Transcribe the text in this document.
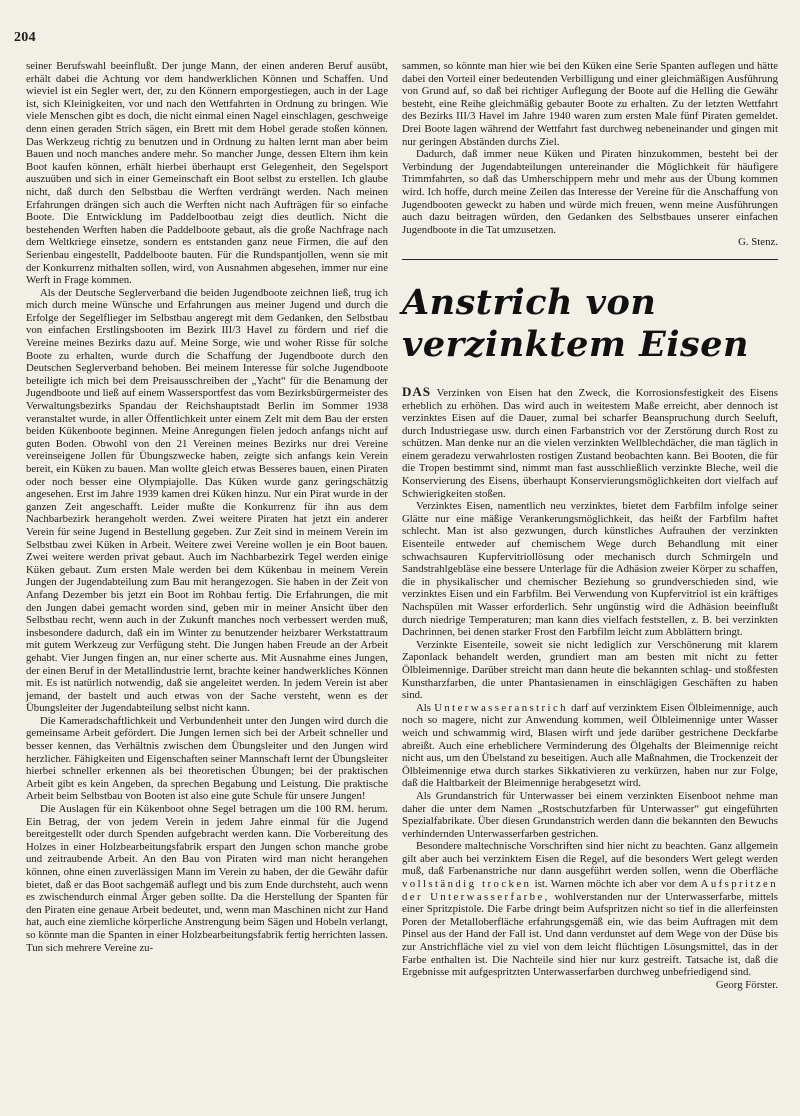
204

seiner Berufswahl beeinflußt. Der junge Mann, der einen anderen Beruf ausübt, erhält dabei die Achtung vor dem handwerklichen Können und Schaffen. Und wieviel ist ein Segler wert, der, zu den Könnern emporgestiegen, auch in der Lage ist, sich Kleinigkeiten, vor und nach den Wettfahrten in Ordnung zu bringen. Wie viele Menschen gibt es doch, die nicht einmal einen Nagel einschlagen, geschweige denn einen geraden Strich sägen, ein Brett mit dem Hobel gerade stoßen können. Das Werkzeug richtig zu benutzen und in Ordnung zu halten lernt man aber beim Bauen und noch manches andere mehr. So mancher Junge, dessen Eltern ihm kein Boot kaufen können, erhält hierbei überhaupt erst Gelegenheit, den Segelsport auszuüben und sich in einer Gemeinschaft ein Boot selbst zu erstellen. Ich glaube nicht, daß durch den Selbstbau die Werften verdrängt werden. Nach meinen Erfahrungen drängen sich auch die Werften nicht nach Aufträgen für so einfache Boote. Die Entwicklung im Paddelbootbau zeigt dies deutlich. Nicht die bestehenden Werften haben die Paddelboote gebaut, als die große Nachfrage nach dem Weltkriege einsetze, sondern es entstanden ganz neue Firmen, die auf den Serienbau eingestellt, Paddelboote bauten. Für die Rundspantjollen, wenn sie mit der Konkurrenz mithalten sollen, wird, von Ausnahmen abgesehen, immer nur eine Werft in Frage kommen.

Als der Deutsche Seglerverband die beiden Jugendboote zeichnen ließ, trug ich mich durch meine Wünsche und Erfahrungen aus meiner Jugend und durch die Erfolge der Segelflieger im Selbstbau angeregt mit dem Gedanken, den Selbstbau von einfachen Erstlingsbooten im Bezirk III/3 Havel zu fördern und rief die Vereine meines Bezirks dazu auf. Meine Sorge, wie und woher Risse für solche Boote zu erhalten, wurde durch die Schaffung der Jugendboote durch den Deutschen Seglerverband behoben. Bei meinem Interesse für solche Jugendboote beteiligte ich mich bei dem Preisausschreiben der „Yacht“ für die Benamung der Jugendboote und ließ auf einem Wassersportfest das vom Bezirksbürgermeister des Verwaltungsbezirks Spandau der Reichshauptstadt Berlin im Sommer 1938 veranstaltet wurde, in aller Öffentlichkeit unter einem Zelt mit dem Bau der ersten beiden Kükenboote beginnen. Meine Anregungen fielen jedoch anfangs nicht auf guten Boden. Obwohl von den 21 Vereinen meines Bezirks nur drei Vereine vereinseigene Jollen für Übungszwecke haben, zeigte sich anfangs kein Verein bereit, ein Küken zu bauen. Man wollte gleich etwas Besseres bauen, einen Piraten oder noch besser eine Olympiajolle. Das Küken wurde ganz geringschätzig angesehen. Erst im Jahre 1939 kamen drei Küken hinzu. Nur ein Pirat wurde in der ganzen Zeit angeschafft. Leider mußte die Konkurrenz für ihn aus dem Nachbarbezirk herangeholt werden. Zwei weitere Piraten hat jetzt ein anderer Verein für seine Jugend in Bestellung gegeben. Zur Zeit sind in meinem Verein im Selbstbau zwei Küken in Arbeit. Weitere zwei Vereine wollen je ein Boot bauen. Zwei weitere werden privat gebaut. Auch im Nachbarbezirk Tegel werden einige Küken gebaut. Zum ersten Male werden bei dem Kükenbau in meinem Verein Jungen der Jugendabteilung zum Bau mit herangezogen. Sie haben in der Zeit von Anfang Dezember bis jetzt ein Boot im Rohbau fertig. Die Erfahrungen, die mit den Jungen dabei gemacht worden sind, geben mir in meiner Ansicht über den Selbstbau recht, wenn auch in der Zukunft manches noch verbessert werden muß, insbesondere dadurch, daß ein im Winter zu benutzender heizbarer Werkstattraum mit gutem Werkzeug zur Verfügung steht. Die Jungen haben Freude an der Arbeit gehabt. Vier Jungen fingen an, nur einer scherte aus. Mit Ausnahme eines Jungen, der einen Beruf in der Metallindustrie lernt, brachte keiner handwerkliches Können mit. Es ist natürlich notwendig, daß sie angeleitet werden. In jedem Verein ist aber jemand, der bastelt und auch etwas von der Sache versteht, wenn es der Übungsleiter der Jugendabteilung selbst nicht kann.

Die Kameradschaftlichkeit und Verbundenheit unter den Jungen wird durch die gemeinsame Arbeit gefördert. Die Jungen lernen sich bei der Arbeit schneller und besser kennen, das Verhältnis zwischen dem Übungsleiter und den Jungen wird herzlicher. Fähigkeiten und Eigenschaften seiner Mannschaft lernt der Übungsleiter hierbei schneller erkennen als bei theoretischen Übungen; bei der praktischen Arbeit gibt es kein Angeben, da sprechen Begabung und Leistung. Die praktische Arbeit beim Selbstbau von Booten ist also eine gute Schule für unsere Jungen!

Die Auslagen für ein Kükenboot ohne Segel betragen um die 100 RM. herum. Ein Betrag, der von jedem Verein in jedem Jahre einmal für die Jugend bereitgestellt oder durch Spenden aufgebracht werden kann. Die Vorbereitung des Holzes in einer Holzbearbeitungsfabrik erspart den Jungen schon manche grobe und zeitraubende Arbeit. An den Bau von Piraten wird man nicht herangehen können, ohne einen zuverlässigen Mann im Verein zu haben, der die Gewähr dafür bietet, daß er das Boot sachgemäß auflegt und bis zum Ende durchsteht, auch wenn es zwischendurch einmal Ärger geben sollte. Da die Herstellung der Spanten für den Piraten eine genaue Arbeit bedeutet, und, wenn man Maschinen nicht zur Hand hat, auch eine ziemliche körperliche Anstrengung beim Sägen und Hobeln verlangt, so könnte man die Spanten in einer Holzbearbeitungsfabrik fertig herrichten lassen. Tun sich mehrere Vereine zu-

sammen, so könnte man hier wie bei den Küken eine Serie Spanten auflegen und hätte dabei den Vorteil einer bedeutenden Verbilligung und einer gleichmäßigen Ausführung von Grund auf, so daß bei richtiger Auflegung der Boote auf die Helling die Gewähr besteht, eine Reihe gleichmäßig gebauter Boote zu erhalten. Zu der letzten Wettfahrt des Bezirks III/3 Havel im Jahre 1940 waren zum ersten Male fünf Piraten gemeldet. Drei Boote lagen während der Wettfahrt fast durchweg nebeneinander und gingen mit nur geringen Abständen durchs Ziel.

Dadurch, daß immer neue Küken und Piraten hinzukommen, besteht bei der Verbindung der Jugendabteilungen untereinander die Möglichkeit für häufigere Trimmfahrten, so daß das Umherschippern mehr und mehr aus der Übung kommen wird. Ich hoffe, durch meine Zeilen das Interesse der Vereine für die Anschaffung von Jugendbooten geweckt zu haben und würde mich freuen, wenn meine Ausführungen auch dazu beitragen würden, den Gedanken des Selbstbaues unserer einfachen Jugendboote in die Tat umzusetzen.

G. Stenz.

Anstrich von verzinktem Eisen

DAS Verzinken von Eisen hat den Zweck, die Korrosionsfestigkeit des Eisens erheblich zu erhöhen. Das wird auch in weitestem Maße erreicht, aber dennoch ist verzinktes Eisen auf die Dauer, zumal bei scharfer Beanspruchung durch Seeluft, durch Industriegase usw. durch einen Farbanstrich vor der Zerstörung durch Rost zu schützen. Man denke nur an die vielen verzinkten Wellblechdächer, die man täglich in einem geradezu verwahrlosten rostigen Zustand beobachten kann. Bei Booten, die für die Tropen bestimmt sind, nimmt man fast ausschließlich verzinkte Bleche, weil die Konservierung des Eisens, überhaupt Konservierungsmöglichkeiten dort vielfach auf Schwierigkeiten stoßen.

Verzinktes Eisen, namentlich neu verzinktes, bietet dem Farbfilm infolge seiner Glätte nur eine mäßige Verankerungsmöglichkeit, das heißt der Farbfilm haftet schlecht. Man ist also gezwungen, durch künstliches Aufrauhen der verzinkten Eisenteile entweder auf chemischem Wege durch Behandlung mit einer schwachsauren Kupfervitriollösung oder mechanisch durch Schmirgeln und Sandstrahlgebläse eine bessere Unterlage für die Adhäsion zweier Körper zu schaffen, die in physikalischer und chemischer Beziehung so grundverschieden sind, wie verzinktes Eisen und ein Farbfilm. Bei Verwendung von Kupfervitriol ist ein kräftiges Nachspülen mit Wasser erforderlich. Sehr ungünstig wird die Adhäsion beeinflußt durch niedrige Temperaturen; man kann dies vielfach feststellen, z. B. bei verzinkten Dachrinnen, bei denen starker Frost den Farbfilm leicht zum Abblättern bringt.

Verzinkte Eisenteile, soweit sie nicht lediglich zur Verschönerung mit klarem Zaponlack behandelt werden, grundiert man am besten mit nicht zu fetter Ölbleimennige. Darüber streicht man dann heute die bekannten schlag- und stoßfesten Kunstharzfarben, die unter Phantasienamen in einschlägigen Geschäften zu haben sind.

Als Unterwasseranstrich darf auf verzinktem Eisen Ölbleimennige, auch noch so magere, nicht zur Anwendung kommen, weil Ölbleimennige unter Wasser weich und schwammig wird, Blasen wirft und jede darüber gestrichene Deckfarbe abreißt. Auch eine erheblichere Verminderung des Ölgehalts der Bleimennige reicht nicht aus, um den Übelstand zu beseitigen. Auch alle Maßnahmen, die Trockenzeit der Ölbleimennige etwa durch starkes Sikkativieren zu verkürzen, haben nur zur Folge, daß die Haltbarkeit der Bleimennige herabgesetzt wird.

Als Grundanstrich für Unterwasser bei einem verzinkten Eisenboot nehme man daher die unter dem Namen „Rostschutzfarben für Unterwasser“ gut eingeführten Spezialfabrikate. Über diesen Grundanstrich werden dann die bekannten den Bewuchs verhindernden Unterwasserfarben gestrichen.

Besondere maltechnische Vorschriften sind hier nicht zu beachten. Ganz allgemein gilt aber auch bei verzinktem Eisen die Regel, auf die besonders Wert gelegt werden muß, daß Farbenanstriche nur dann ausgeführt werden sollen, wenn die Oberfläche vollständig trocken ist. Warnen möchte ich aber vor dem Aufspritzen der Unterwasserfarbe, wohlverstanden nur der Unterwasserfarbe, mittels einer Spritzpistole. Die Farbe dringt beim Aufspritzen nicht so tief in die allerfeinsten Poren der Metalloberfläche erfahrungsgemäß ein, wie das beim Auftragen mit dem Pinsel aus der Hand der Fall ist. Und dann verdunstet auf dem Wege von der Düse bis zur Anstrichfläche viel zu viel von dem leicht flüchtigen Lösungsmittel, das in der Farbe enthalten ist. Die Nachteile sind hier nur kurz gestreift. Tatsache ist, daß die Ergebnisse mit aufgespritzten Unterwasserfarben durchweg unbefriedigend sind.

Georg Förster.
